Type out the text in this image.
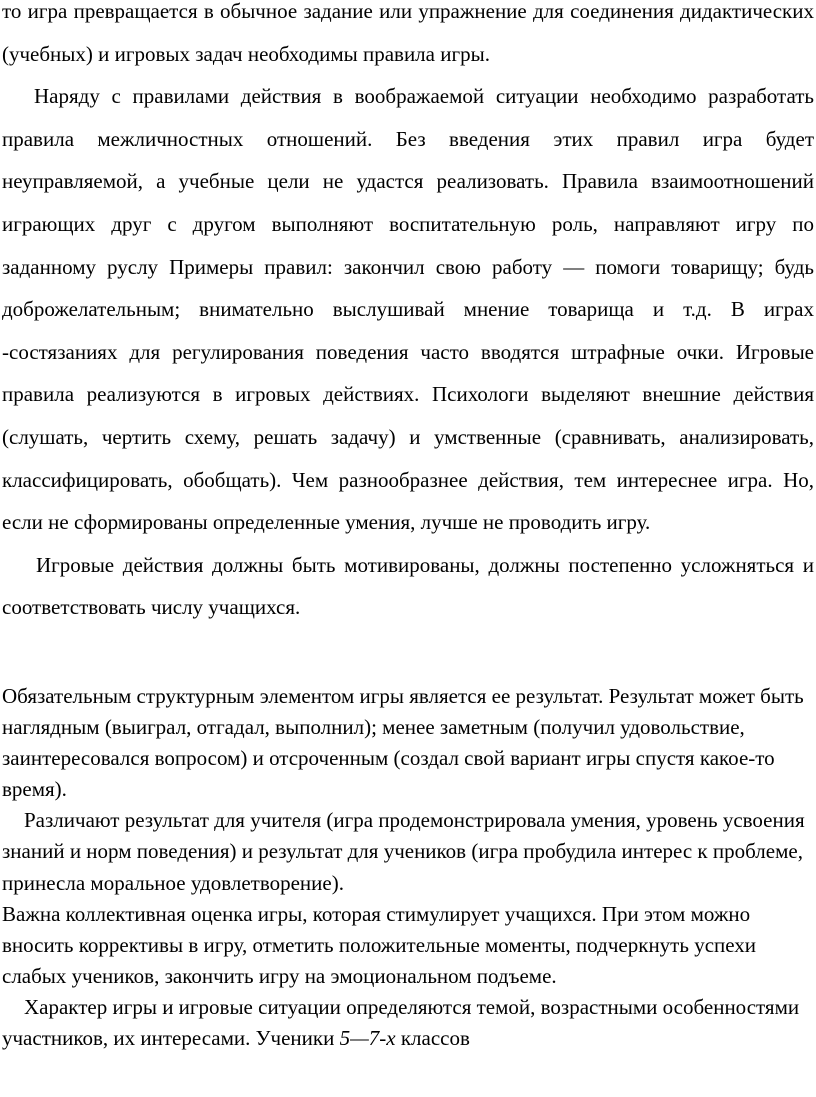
то игра превращается в обычное задание или упражнение для соединения дидактических (учебных) и игровых задач необходимы правила игры.

Наряду с правилами действия в воображаемой ситуации необходимо разработать правила межличностных отношений. Без введения этих правил игра будет неуправляемой, а учебные цели не удастся реализовать. Правила взаимоотношений играющих друг с другом выполняют воспитательную роль, направляют игру по заданному руслу Примеры правил: закончил свою работу — помоги товарищу; будь доброжелательным; внимательно выслушивай мнение товарища и т.д. В играх -состязаниях для регулирования поведения часто вводятся штрафные очки. Игровые правила реализуются в игровых действиях. Психологи выделяют внешние действия (слушать, чертить схему, решать задачу) и умственные (сравнивать, анализировать, классифицировать, обобщать). Чем разнообразнее действия, тем интереснее игра. Но, если не сформированы определенные умения, лучше не проводить игру.

Игровые действия должны быть мотивированы, должны постепенно усложняться и соответствовать числу учащихся.

Обязательным структурным элементом игры является ее результат. Результат может быть наглядным (выиграл, отгадал, выполнил); менее заметным (получил удовольствие, заинтересовался вопросом) и отсроченным (создал свой вариант игры спустя какое-то время).

Различают результат для учителя (игра продемонстрировала умения, уровень усвоения знаний и норм поведения) и результат для учеников (игра пробудила интерес к проблеме, принесла моральное удовлетворение).

Важна коллективная оценка игры, которая стимулирует учащихся. При этом можно вносить коррективы в игру, отметить положительные моменты, подчеркнуть успехи слабых учеников, закончить игру на эмоциональном подъеме.

Характер игры и игровые ситуации определяются темой, возрастными особенностями участников, их интересами. Ученики 5—7-х классов
